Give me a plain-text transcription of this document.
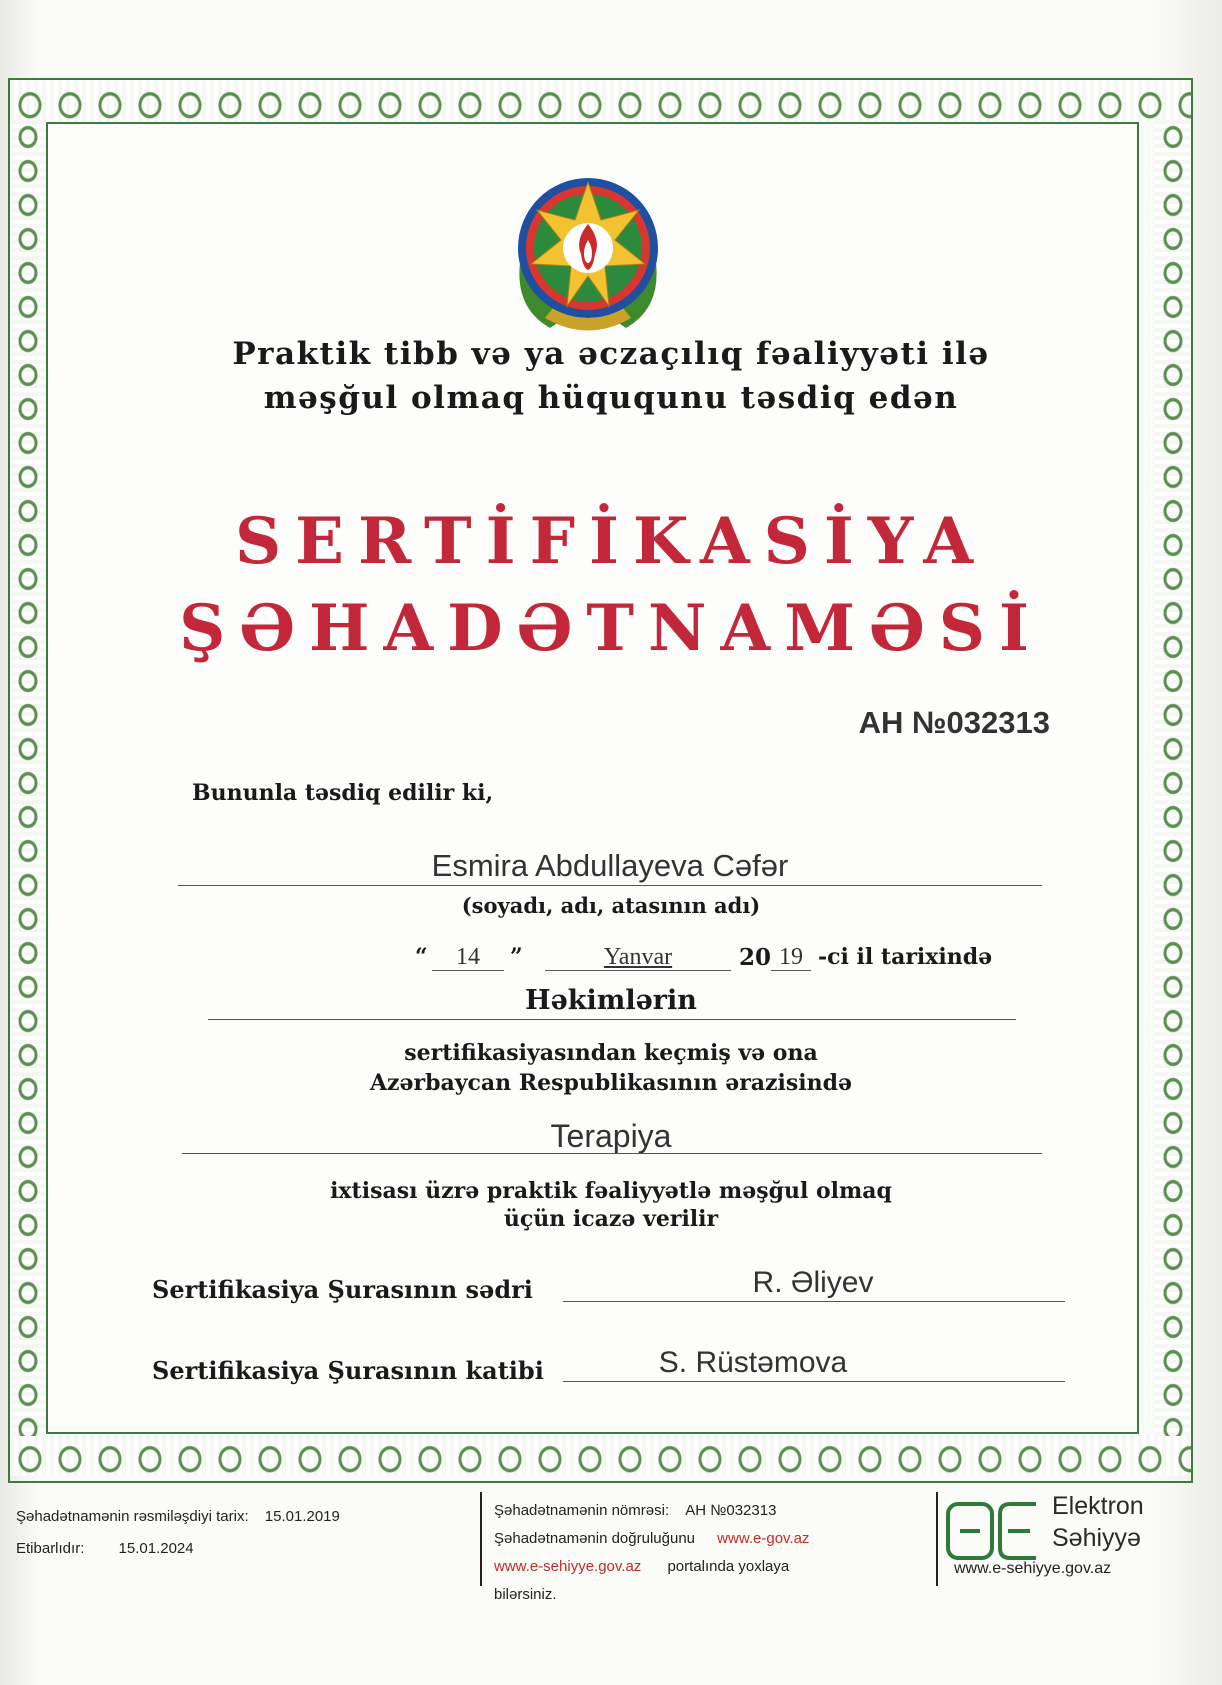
Praktik tibb və ya əczaçılıq fəaliyyəti ilə
məşğul olmaq hüququnu təsdiq edən
SERTİFİKASİYA
ŞƏHADƏTNAMƏSİ
AH №032313
Bununla təsdiq edilir ki,
Esmira Abdullayeva Cəfər
(soyadı, adı, atasının adı)
“	14	”	Yanvar	20 19 -ci il tarixində
Həkimlərin
sertifikasiyasından keçmiş və ona
Azərbaycan Respublikasının ərazisində
Terapiya
ixtisası üzrə praktik fəaliyyətlə məşğul olmaq
üçün icazə verilir
Sertifikasiya Şurasının sədri	R. Əliyev
Sertifikasiya Şurasının katibi	S. Rüstəmova
Şəhadətnamənin rəsmiləşdiyi tarix: 15.01.2019
Etibarlıdır: 15.01.2024
Şəhadətnamənin nömrəsi: AH №032313
Şəhadətnamənin doğruluğunu www.e-gov.az
www.e-sehiyye.gov.az portalında yoxlaya
bilərsiniz.
Elektron
Səhiyyə
www.e-sehiyye.gov.az
